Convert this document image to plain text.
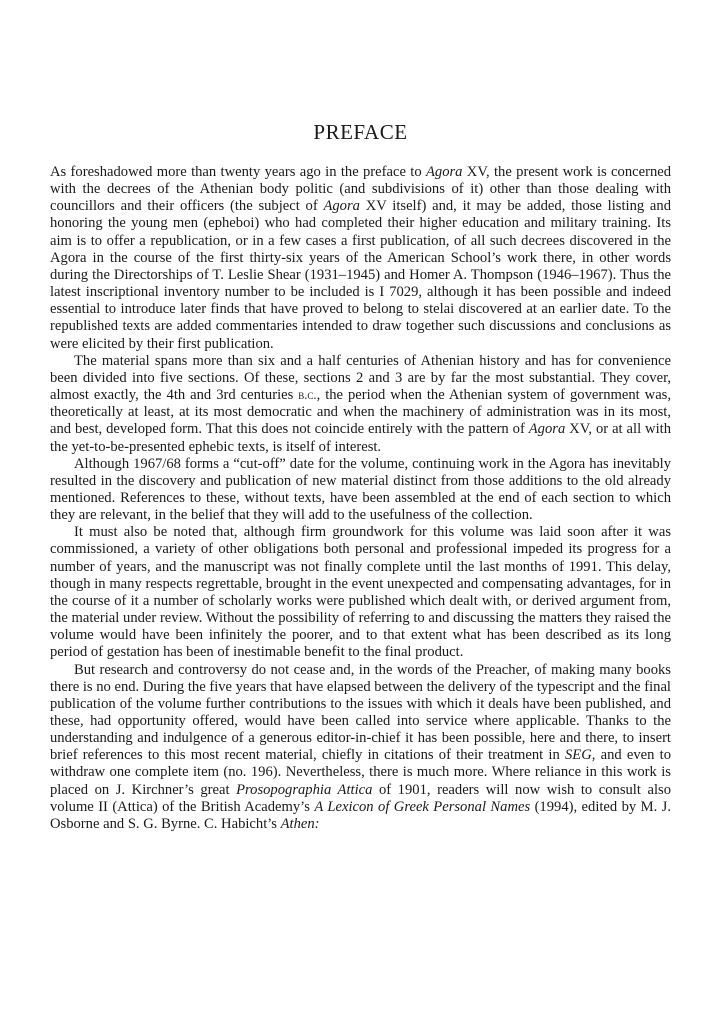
PREFACE

As foreshadowed more than twenty years ago in the preface to Agora XV, the present work is concerned with the decrees of the Athenian body politic (and subdivisions of it) other than those dealing with councillors and their officers (the subject of Agora XV itself) and, it may be added, those listing and honoring the young men (epheboi) who had completed their higher education and military training. Its aim is to offer a republication, or in a few cases a first publication, of all such decrees discovered in the Agora in the course of the first thirty-six years of the American School’s work there, in other words during the Directorships of T. Leslie Shear (1931–1945) and Homer A. Thompson (1946–1967). Thus the latest inscriptional inventory number to be included is I 7029, although it has been possible and indeed essential to introduce later finds that have proved to belong to stelai discovered at an earlier date. To the republished texts are added commentaries intended to draw together such discussions and conclusions as were elicited by their first publication.

The material spans more than six and a half centuries of Athenian history and has for convenience been divided into five sections. Of these, sections 2 and 3 are by far the most substantial. They cover, almost exactly, the 4th and 3rd centuries b.c., the period when the Athenian system of government was, theoretically at least, at its most democratic and when the machinery of administration was in its most, and best, developed form. That this does not coincide entirely with the pattern of Agora XV, or at all with the yet-to-be-presented ephebic texts, is itself of interest.

Although 1967/68 forms a “cut-off” date for the volume, continuing work in the Agora has inevitably resulted in the discovery and publication of new material distinct from those additions to the old already mentioned. References to these, without texts, have been assembled at the end of each section to which they are relevant, in the belief that they will add to the usefulness of the collection.

It must also be noted that, although firm groundwork for this volume was laid soon after it was commissioned, a variety of other obligations both personal and professional impeded its progress for a number of years, and the manuscript was not finally complete until the last months of 1991. This delay, though in many respects regrettable, brought in the event unexpected and compensating advantages, for in the course of it a number of scholarly works were published which dealt with, or derived argument from, the material under review. Without the possibility of referring to and discussing the matters they raised the volume would have been infinitely the poorer, and to that extent what has been described as its long period of gestation has been of inestimable benefit to the final product.

But research and controversy do not cease and, in the words of the Preacher, of making many books there is no end. During the five years that have elapsed between the delivery of the typescript and the final publication of the volume further contributions to the issues with which it deals have been published, and these, had opportunity offered, would have been called into service where applicable. Thanks to the understanding and indulgence of a generous editor-in-chief it has been possible, here and there, to insert brief references to this most recent material, chiefly in citations of their treatment in SEG, and even to withdraw one complete item (no. 196). Nevertheless, there is much more. Where reliance in this work is placed on J. Kirchner’s great Prosopographia Attica of 1901, readers will now wish to consult also volume II (Attica) of the British Academy’s A Lexicon of Greek Personal Names (1994), edited by M. J. Osborne and S. G. Byrne. C. Habicht’s Athen:
